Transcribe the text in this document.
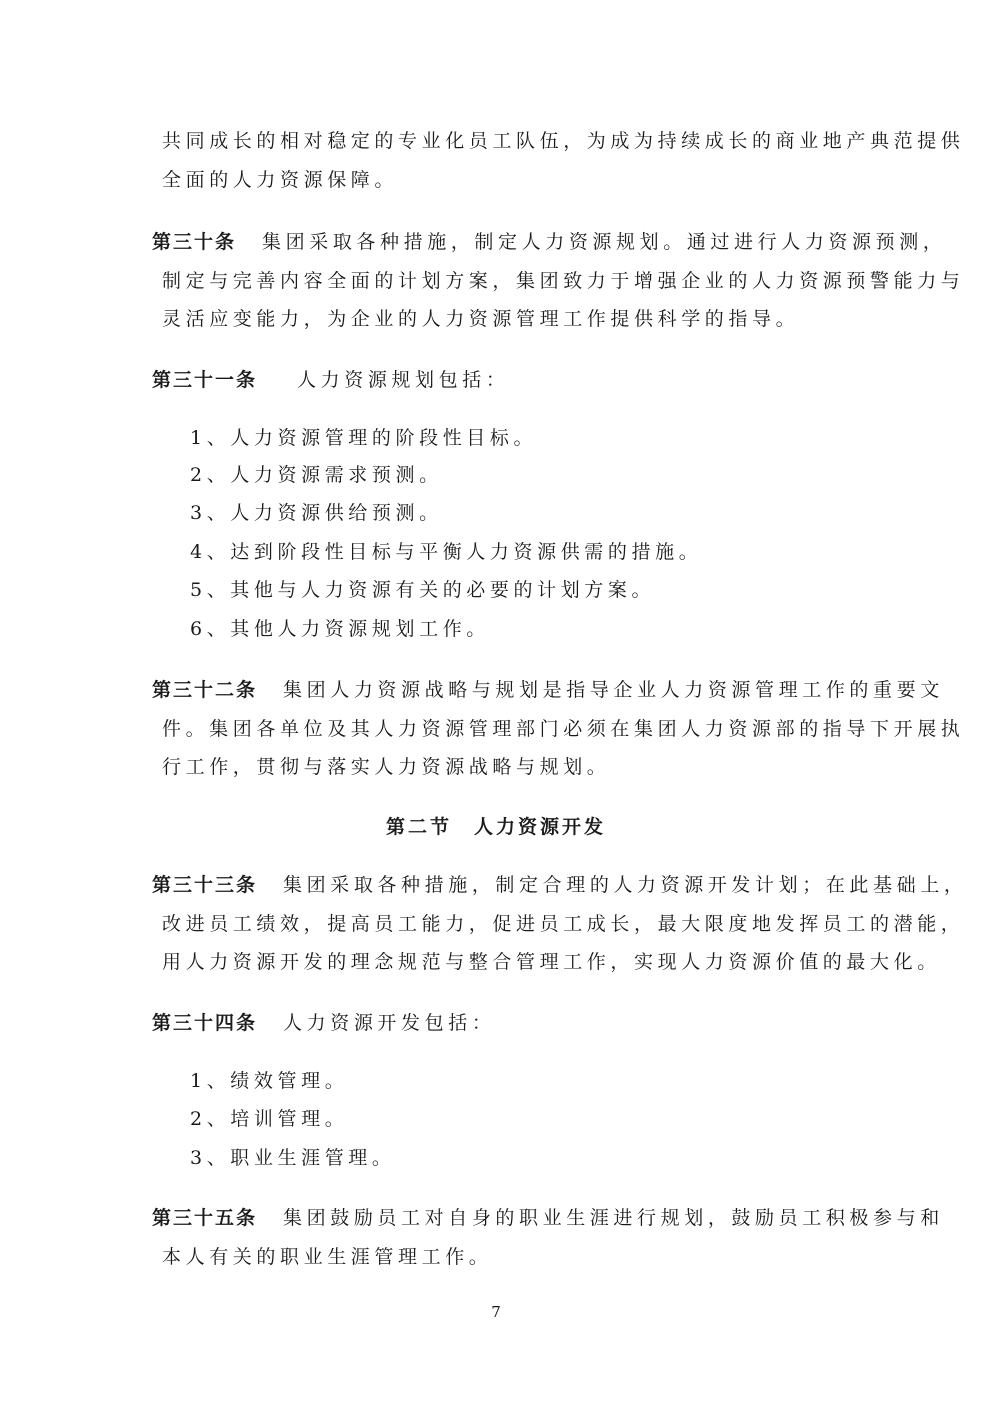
共同成长的相对稳定的专业化员工队伍，为成为持续成长的商业地产典范提供
全面的人力资源保障。
第三十条 集团采取各种措施，制定人力资源规划。通过进行人力资源预测，
制定与完善内容全面的计划方案，集团致力于增强企业的人力资源预警能力与
灵活应变能力，为企业的人力资源管理工作提供科学的指导。
第三十一条 人力资源规划包括：
1、人力资源管理的阶段性目标。
2、人力资源需求预测。
3、人力资源供给预测。
4、达到阶段性目标与平衡人力资源供需的措施。
5、其他与人力资源有关的必要的计划方案。
6、其他人力资源规划工作。
第三十二条 集团人力资源战略与规划是指导企业人力资源管理工作的重要文
件。集团各单位及其人力资源管理部门必须在集团人力资源部的指导下开展执
行工作，贯彻与落实人力资源战略与规划。
第二节　人力资源开发
第三十三条 集团采取各种措施，制定合理的人力资源开发计划；在此基础上，
改进员工绩效，提高员工能力，促进员工成长，最大限度地发挥员工的潜能，
用人力资源开发的理念规范与整合管理工作，实现人力资源价值的最大化。
第三十四条 人力资源开发包括：
1、绩效管理。
2、培训管理。
3、职业生涯管理。
第三十五条 集团鼓励员工对自身的职业生涯进行规划，鼓励员工积极参与和
本人有关的职业生涯管理工作。
7
